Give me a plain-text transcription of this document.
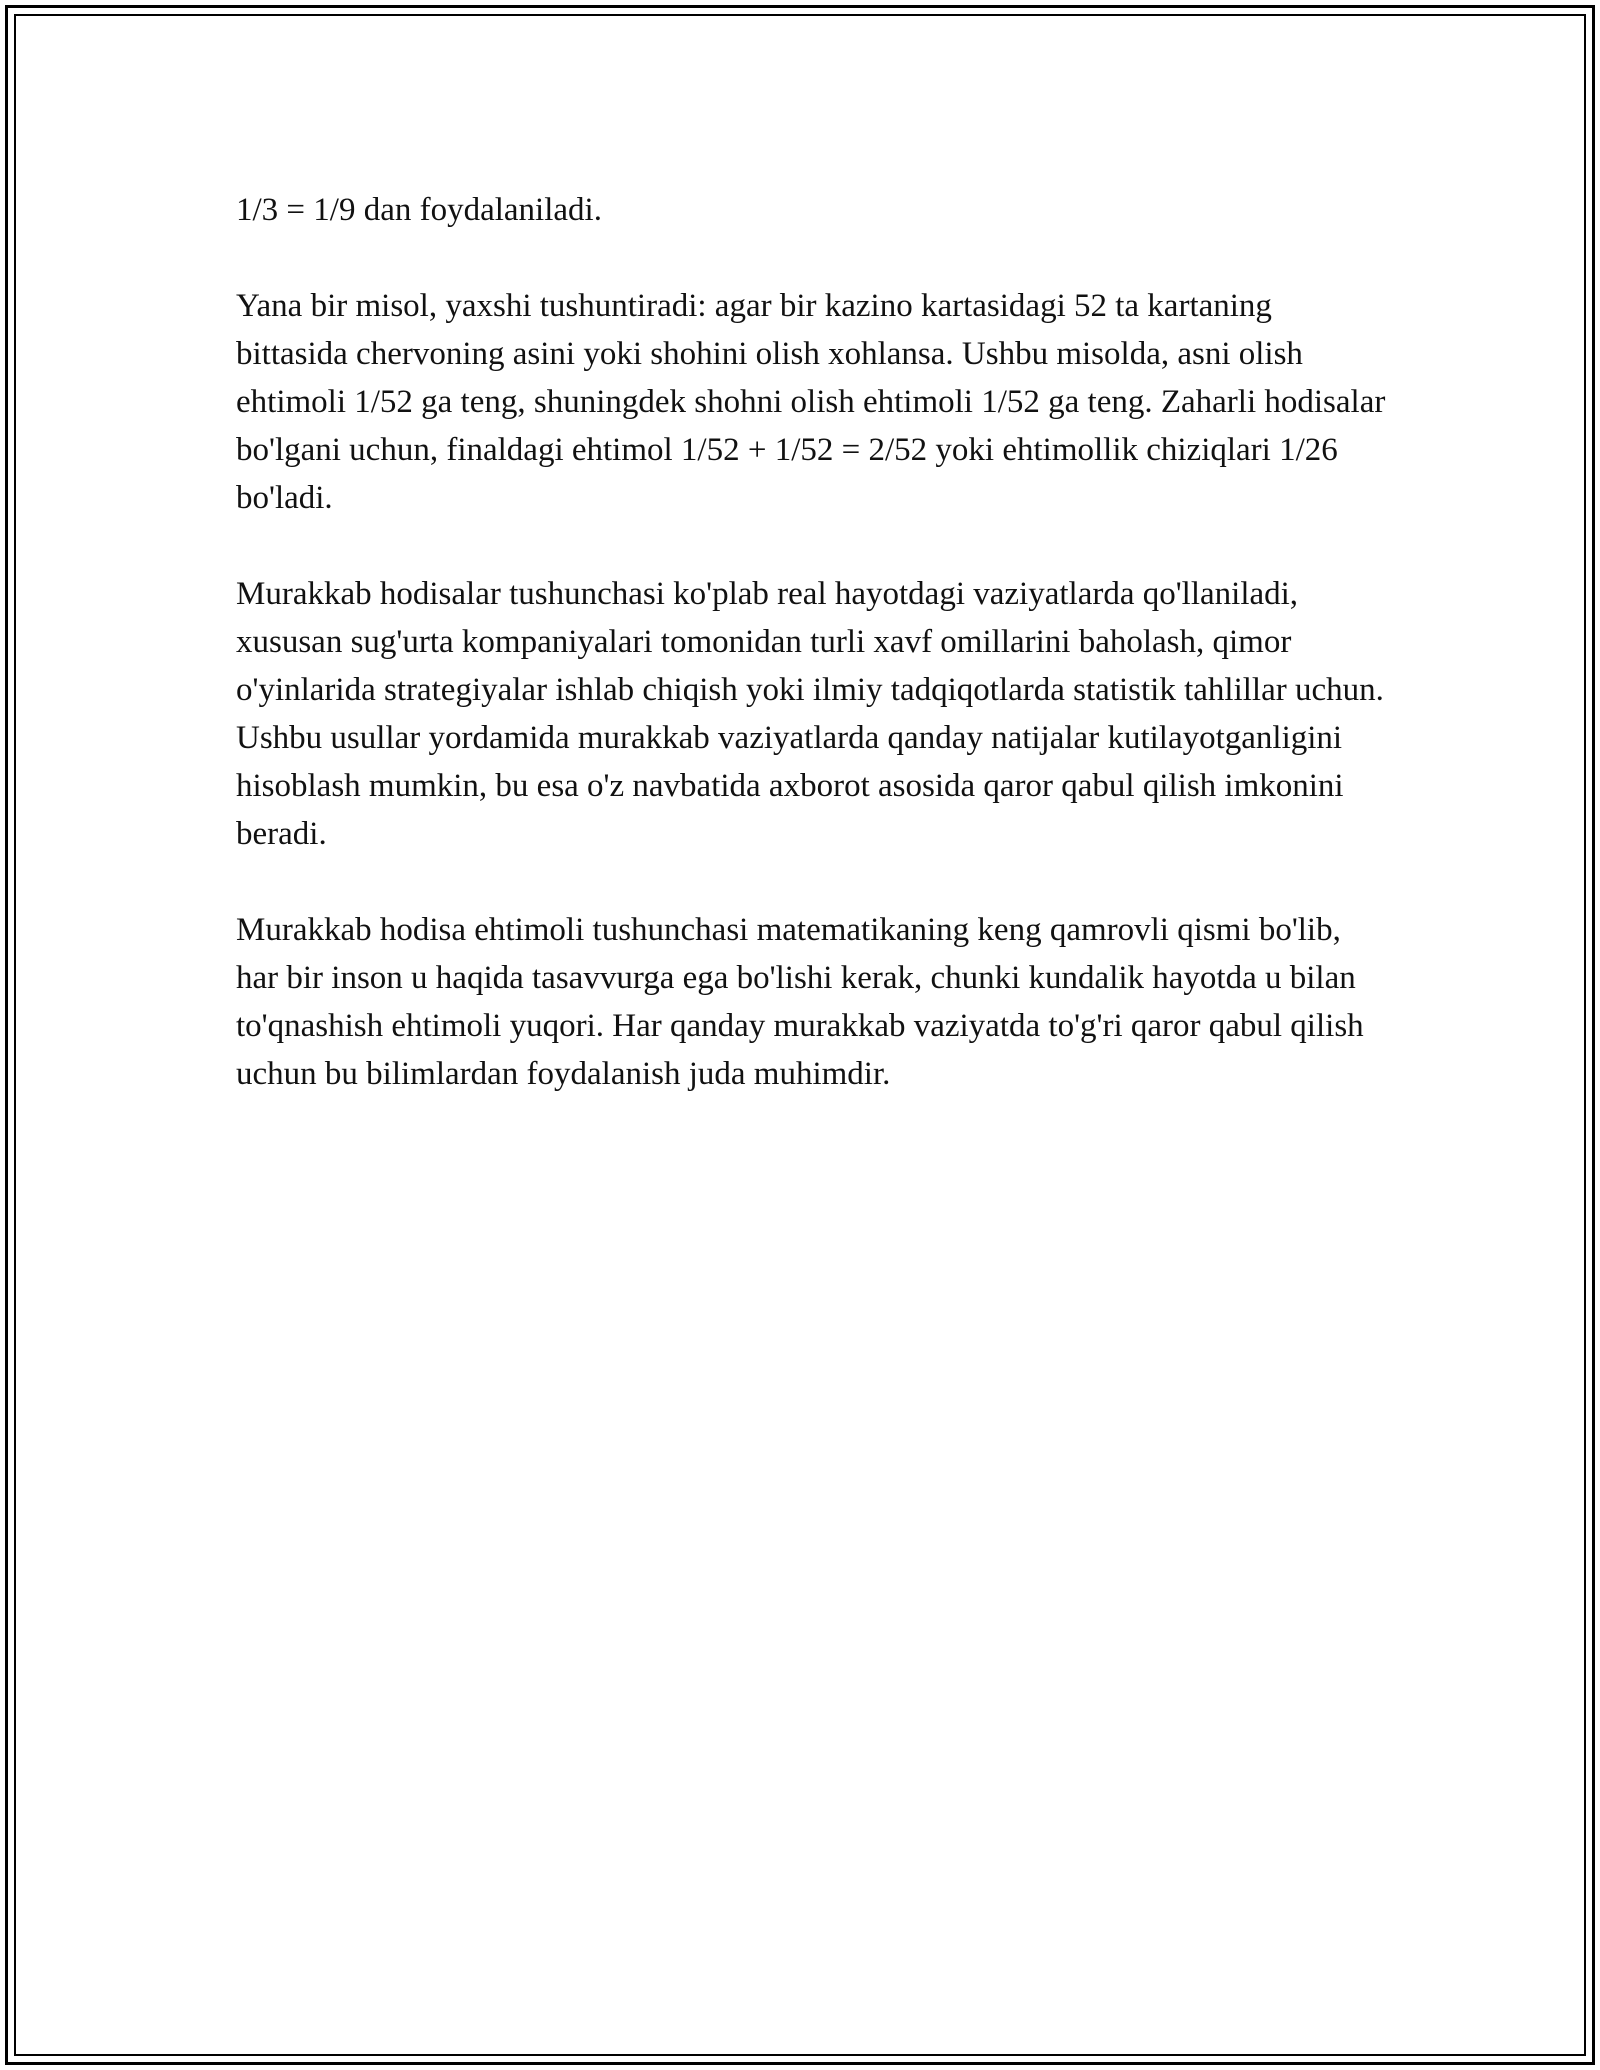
1/3 = 1/9 dan foydalaniladi.

Yana bir misol, yaxshi tushuntiradi: agar bir kazino kartasidagi 52 ta kartaning bittasida chervoning asini yoki shohini olish xohlansa. Ushbu misolda, asni olish ehtimoli 1/52 ga teng, shuningdek shohni olish ehtimoli 1/52 ga teng. Zaharli hodisalar bo'lgani uchun, finaldagi ehtimol 1/52 + 1/52 = 2/52 yoki ehtimollik chiziqlari 1/26 bo'ladi.

Murakkab hodisalar tushunchasi ko'plab real hayotdagi vaziyatlarda qo'llaniladi, xususan sug'urta kompaniyalari tomonidan turli xavf omillarini baholash, qimor o'yinlarida strategiyalar ishlab chiqish yoki ilmiy tadqiqotlarda statistik tahlillar uchun. Ushbu usullar yordamida murakkab vaziyatlarda qanday natijalar kutilayotganligini hisoblash mumkin, bu esa o'z navbatida axborot asosida qaror qabul qilish imkonini beradi.

Murakkab hodisa ehtimoli tushunchasi matematikaning keng qamrovli qismi bo'lib, har bir inson u haqida tasavvurga ega bo'lishi kerak, chunki kundalik hayotda u bilan to'qnashish ehtimoli yuqori. Har qanday murakkab vaziyatda to'g'ri qaror qabul qilish uchun bu bilimlardan foydalanish juda muhimdir.
